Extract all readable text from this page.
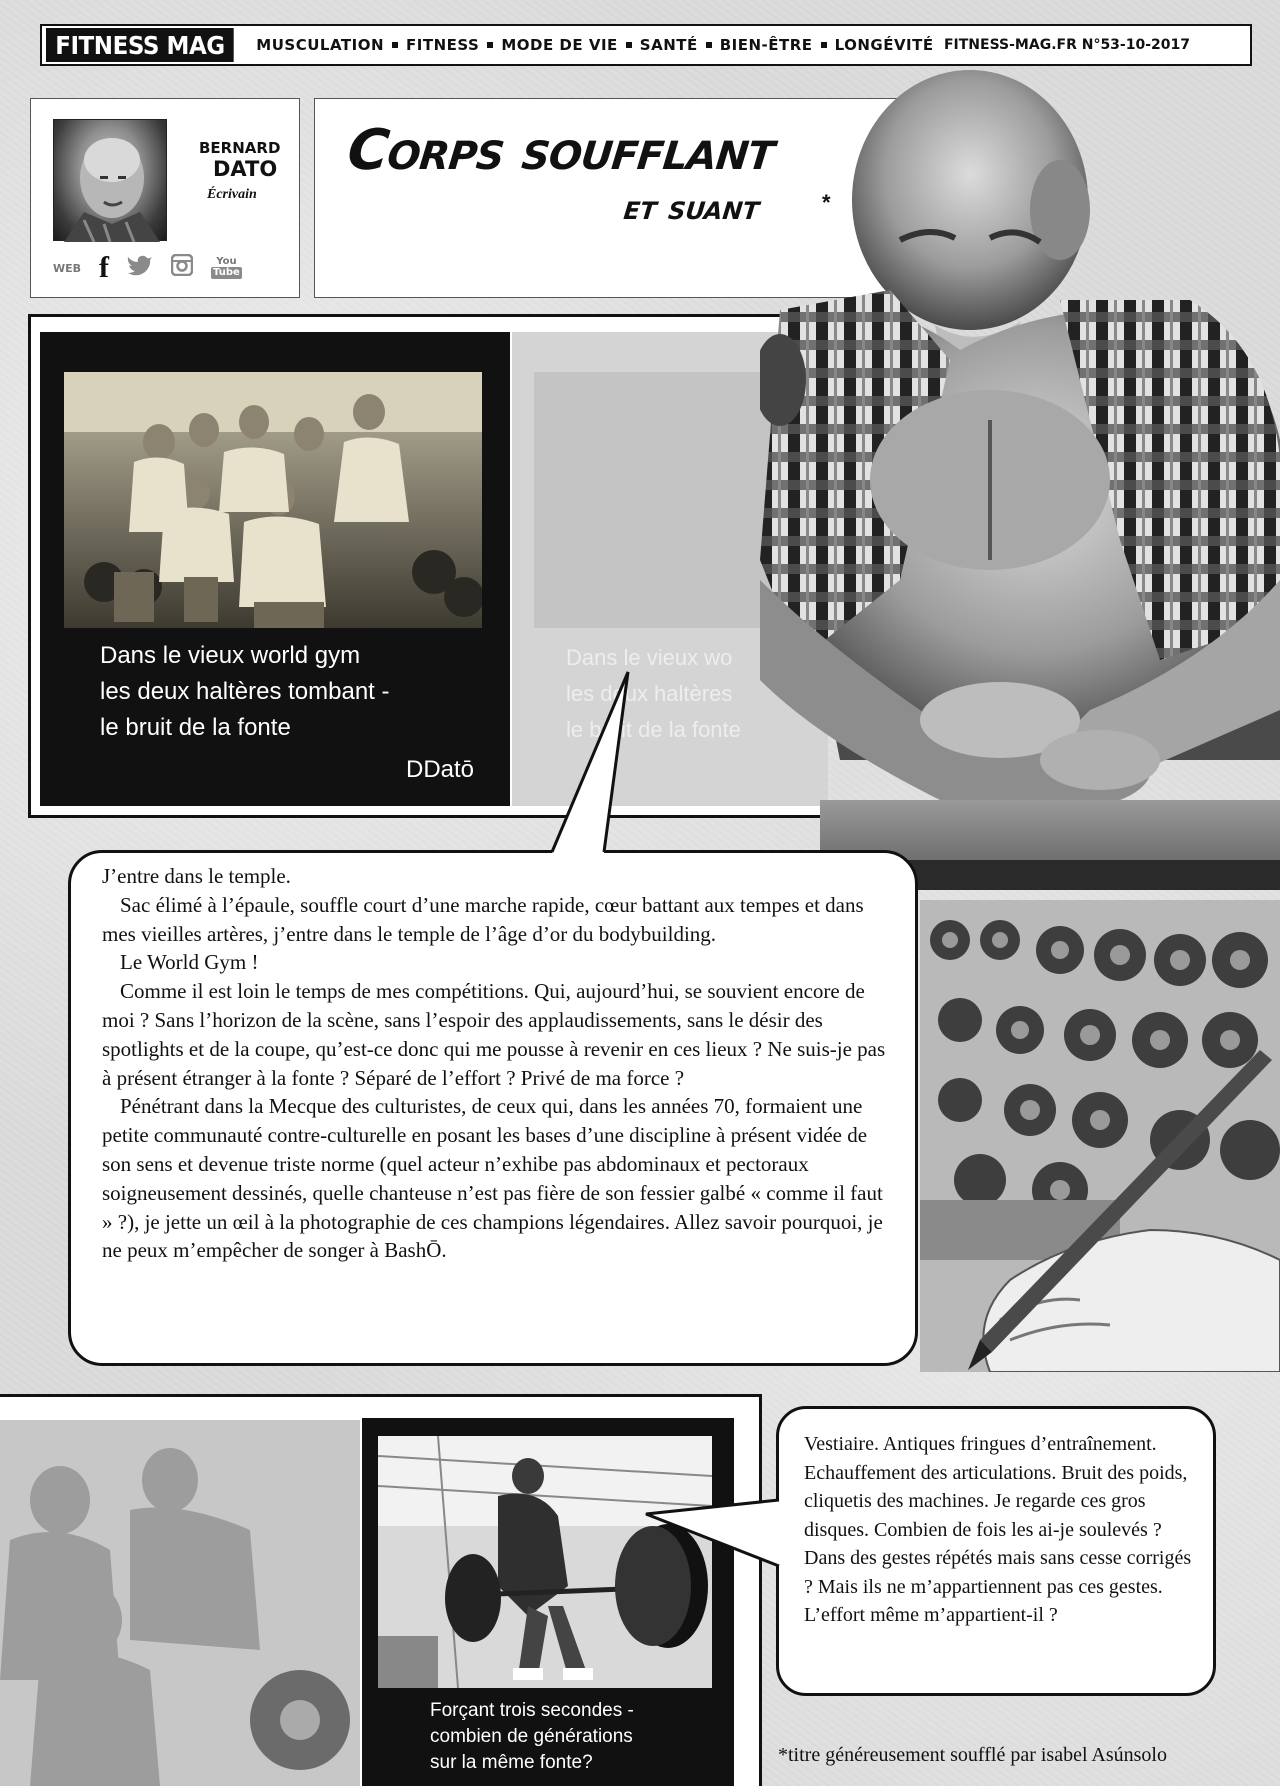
FITNESS MAG	MUSCULATION FITNESS MODE DE VIE SANTÉ BIEN-ÊTRE LONGÉVITÉ FITNESS-MAG.FR N°53-10-2017
BERNARD
DATO
Écrivain
WEB f	You
Tube
Corps soufflant
et suant	*
Dans le vieux wo
les deux haltères
le bruit de la fonte
Dans le vieux world gym
les deux haltères tombant -
le bruit de la fonte
DDatō

J’entre dans le temple.

Sac élimé à l’épaule, souffle court d’une marche rapide, cœur battant aux tempes et dans mes vieilles artères, j’entre dans le temple de l’âge d’or du bodybuilding.

Le World Gym !

Comme il est loin le temps de mes compétitions. Qui, aujourd’hui, se souvient encore de moi ? Sans l’horizon de la scène, sans l’espoir des applaudissements, sans le désir des spotlights et de la coupe, qu’est-ce donc qui me pousse à revenir en ces lieux ? Ne suis-je pas à présent étranger à la fonte ? Séparé de l’effort ? Privé de ma force ?

Pénétrant dans la Mecque des culturistes, de ceux qui, dans les années 70, formaient une petite communauté contre-culturelle en posant les bases d’une discipline à présent vidée de son sens et devenue triste norme (quel acteur n’exhibe pas abdominaux et pectoraux soigneusement dessinés, quelle chanteuse n’est pas fière de son fessier galbé « comme il faut » ?), je jette un œil à la photographie de ces champions légendaires. Allez savoir pourquoi, je ne peux m’empêcher de songer à BashŌ.

Forçant trois secondes -
combien de générations
sur la même fonte?
Vestiaire. Antiques fringues d’entraînement. Echauffement des articulations. Bruit des poids, cliquetis des machines. Je regarde ces gros disques. Combien de fois les ai-je soulevés ? Dans des gestes répétés mais sans cesse corrigés ? Mais ils ne m’appartiennent pas ces gestes. L’effort même m’appartient-il ?
*titre généreusement soufflé par isabel Asúnsolo
